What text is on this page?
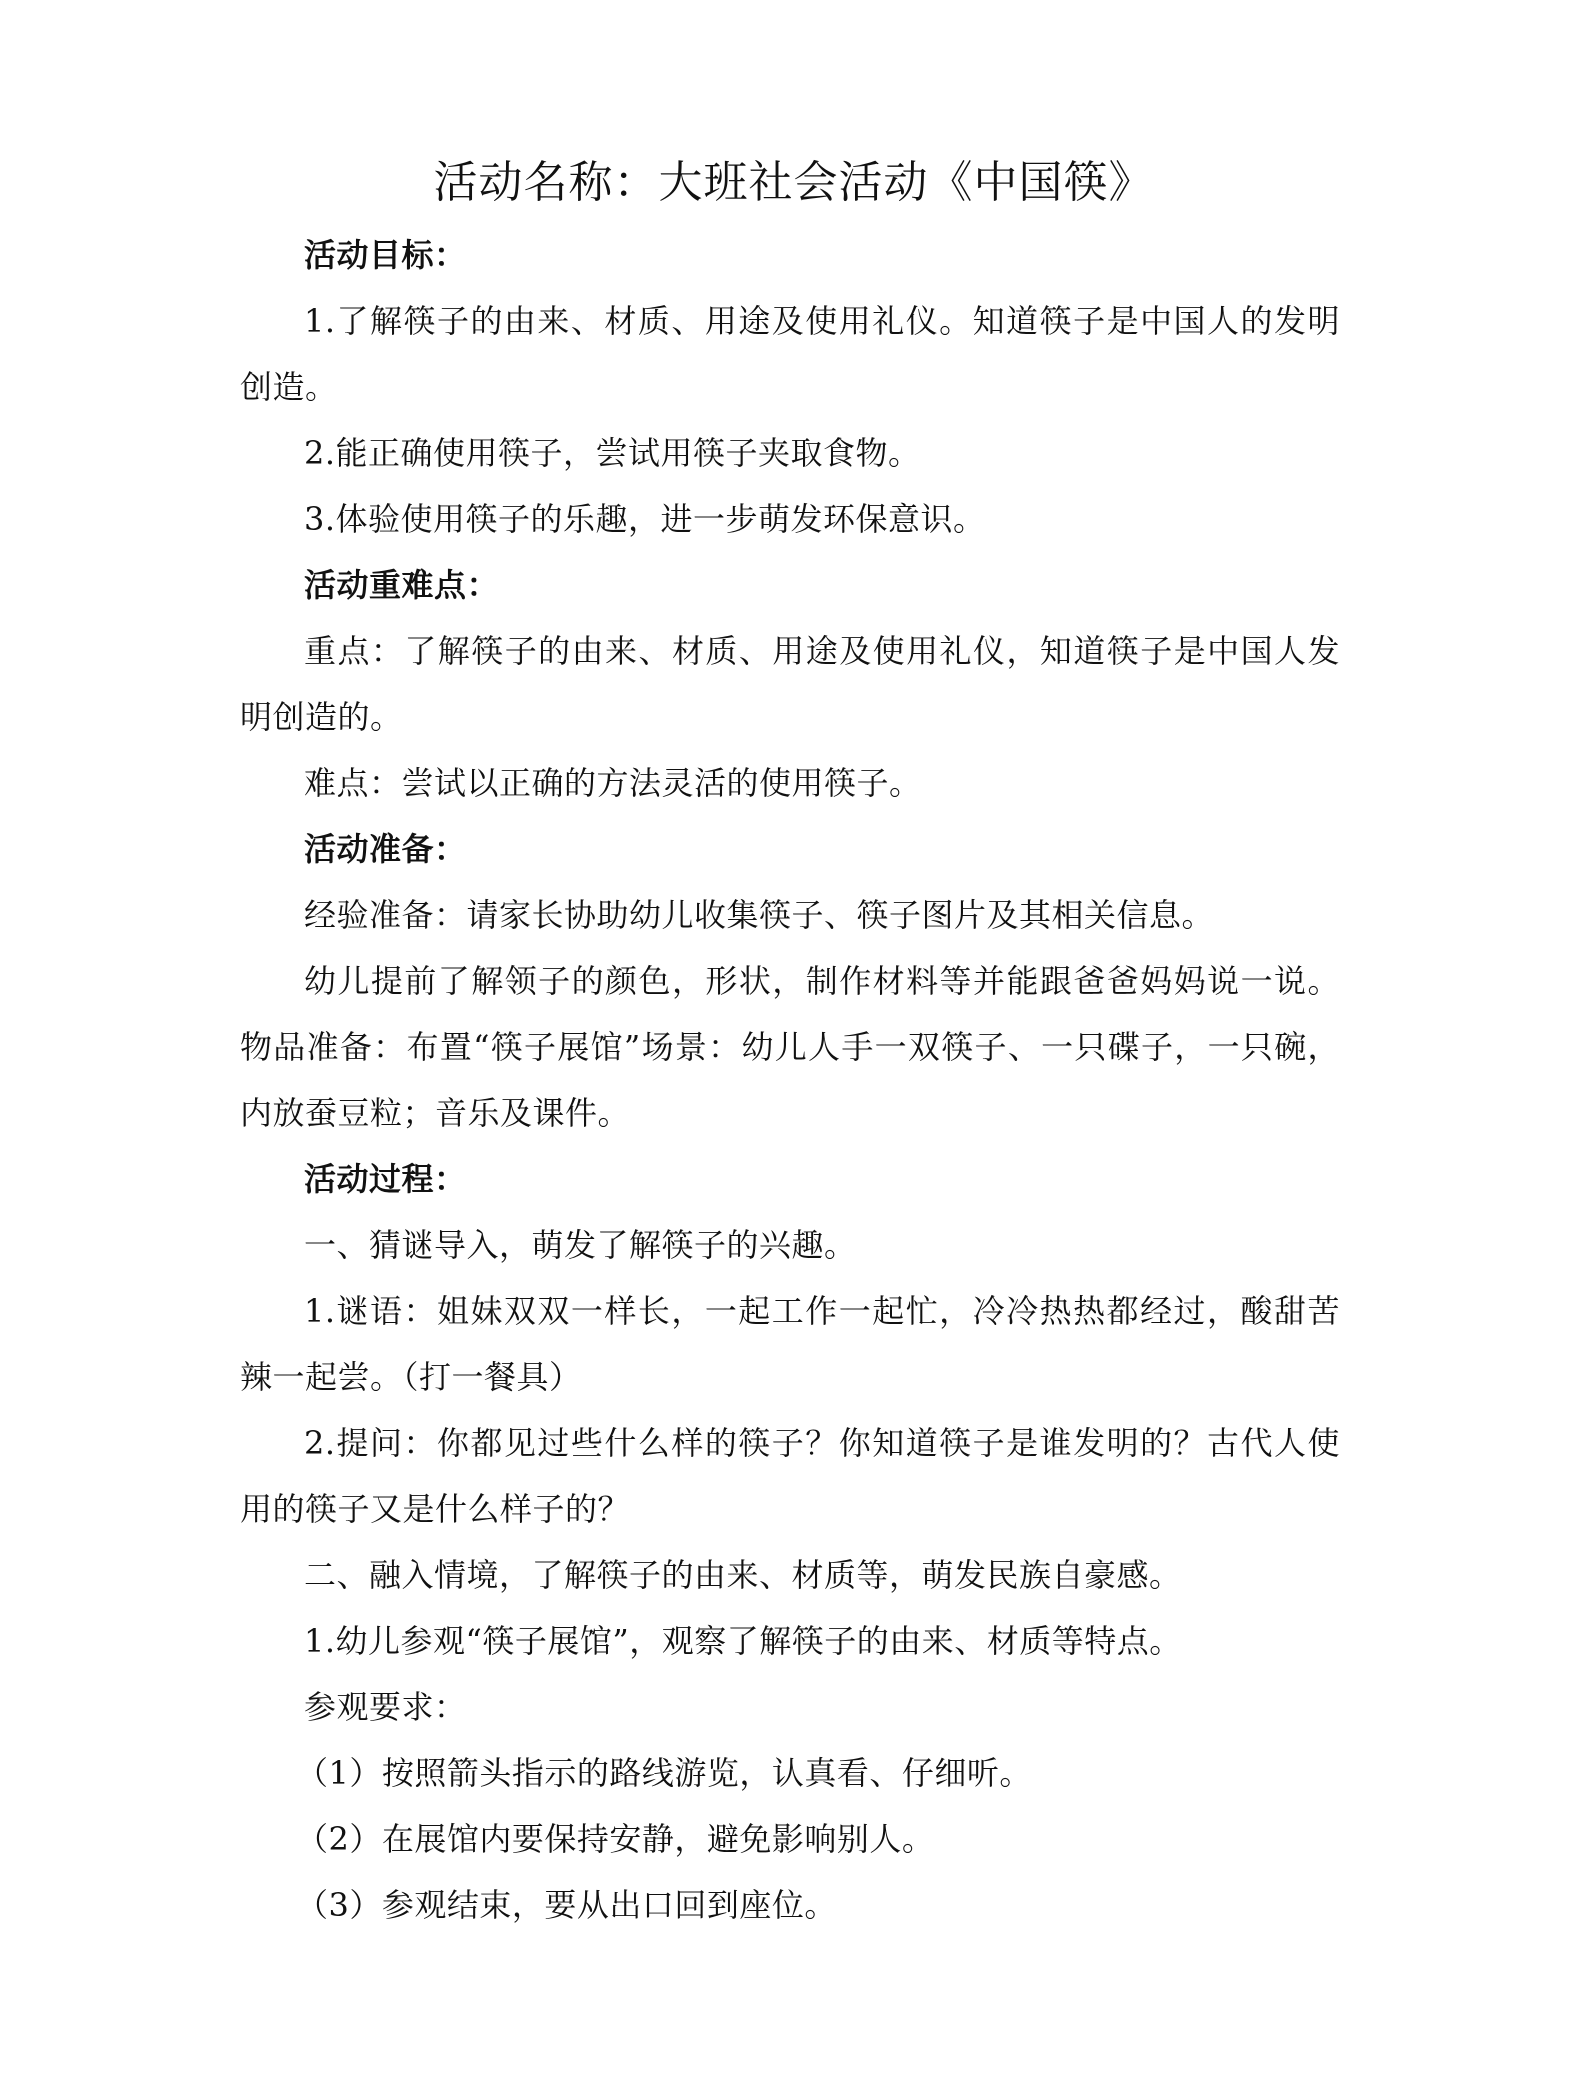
活动名称：大班社会活动《中国筷》

活动目标：

1.了解筷子的由来、材质、用途及使用礼仪。知道筷子是中国人的发明创造。

2.能正确使用筷子，尝试用筷子夹取食物。

3.体验使用筷子的乐趣，进一步萌发环保意识。

活动重难点：

重点：了解筷子的由来、材质、用途及使用礼仪，知道筷子是中国人发明创造的。

难点：尝试以正确的方法灵活的使用筷子。

活动准备：

经验准备：请家长协助幼儿收集筷子、筷子图片及其相关信息。

幼儿提前了解领子的颜色，形状，制作材料等并能跟爸爸妈妈说一说。物品准备：布置“筷子展馆”场景：幼儿人手一双筷子、一只碟子，一只碗，内放蚕豆粒；音乐及课件。

活动过程：

一、猜谜导入，萌发了解筷子的兴趣。

1.谜语：姐妹双双一样长，一起工作一起忙，冷冷热热都经过，酸甜苦辣一起尝。（打一餐具）

2.提问：你都见过些什么样的筷子？你知道筷子是谁发明的？古代人使用的筷子又是什么样子的？

二、融入情境，了解筷子的由来、材质等，萌发民族自豪感。

1.幼儿参观“筷子展馆”，观察了解筷子的由来、材质等特点。

参观要求：

（1）按照箭头指示的路线游览，认真看、仔细听。

（2）在展馆内要保持安静，避免影响别人。

（3）参观结束，要从出口回到座位。
